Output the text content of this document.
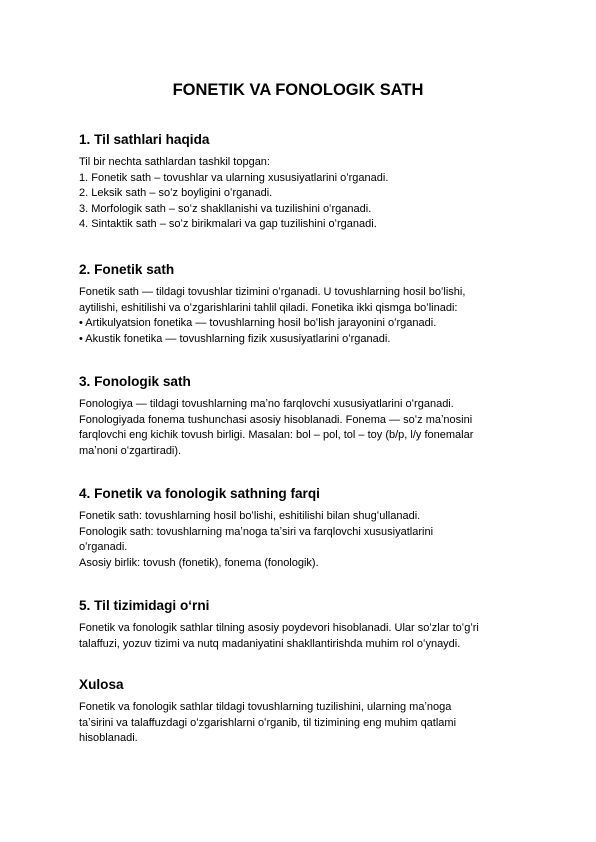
FONETIK VA FONOLOGIK SATH
1. Til sathlari haqida
Til bir nechta sathlardan tashkil topgan:
1. Fonetik sath – tovushlar va ularning xususiyatlarini oʻrganadi.
2. Leksik sath – soʻz boyligini oʻrganadi.
3. Morfologik sath – soʻz shakllanishi va tuzilishini oʻrganadi.
4. Sintaktik sath – soʻz birikmalari va gap tuzilishini oʻrganadi.
2. Fonetik sath
Fonetik sath — tildagi tovushlar tizimini oʻrganadi. U tovushlarning hosil boʻlishi,
aytilishi, eshitilishi va oʻzgarishlarini tahlil qiladi. Fonetika ikki qismga boʻlinadi:
• Artikulyatsion fonetika — tovushlarning hosil boʻlish jarayonini oʻrganadi.
• Akustik fonetika — tovushlarning fizik xususiyatlarini oʻrganadi.
3. Fonologik sath
Fonologiya — tildagi tovushlarning maʼno farqlovchi xususiyatlarini oʻrganadi.
Fonologiyada fonema tushunchasi asosiy hisoblanadi. Fonema — soʻz maʼnosini
farqlovchi eng kichik tovush birligi. Masalan: bol – pol, tol – toy (b/p, l/y fonemalar
maʼnoni oʻzgartiradi).
4. Fonetik va fonologik sathning farqi
Fonetik sath: tovushlarning hosil boʻlishi, eshitilishi bilan shugʻullanadi.
Fonologik sath: tovushlarning maʼnoga taʼsiri va farqlovchi xususiyatlarini
oʻrganadi.
Asosiy birlik: tovush (fonetik), fonema (fonologik).
5. Til tizimidagi oʻrni
Fonetik va fonologik sathlar tilning asosiy poydevori hisoblanadi. Ular soʻzlar toʻgʻri
talaffuzi, yozuv tizimi va nutq madaniyatini shakllantirishda muhim rol oʻynaydi.
Xulosa
Fonetik va fonologik sathlar tildagi tovushlarning tuzilishini, ularning maʼnoga
taʼsirini va talaffuzdagi oʻzgarishlarni oʻrganib, til tizimining eng muhim qatlami
hisoblanadi.
